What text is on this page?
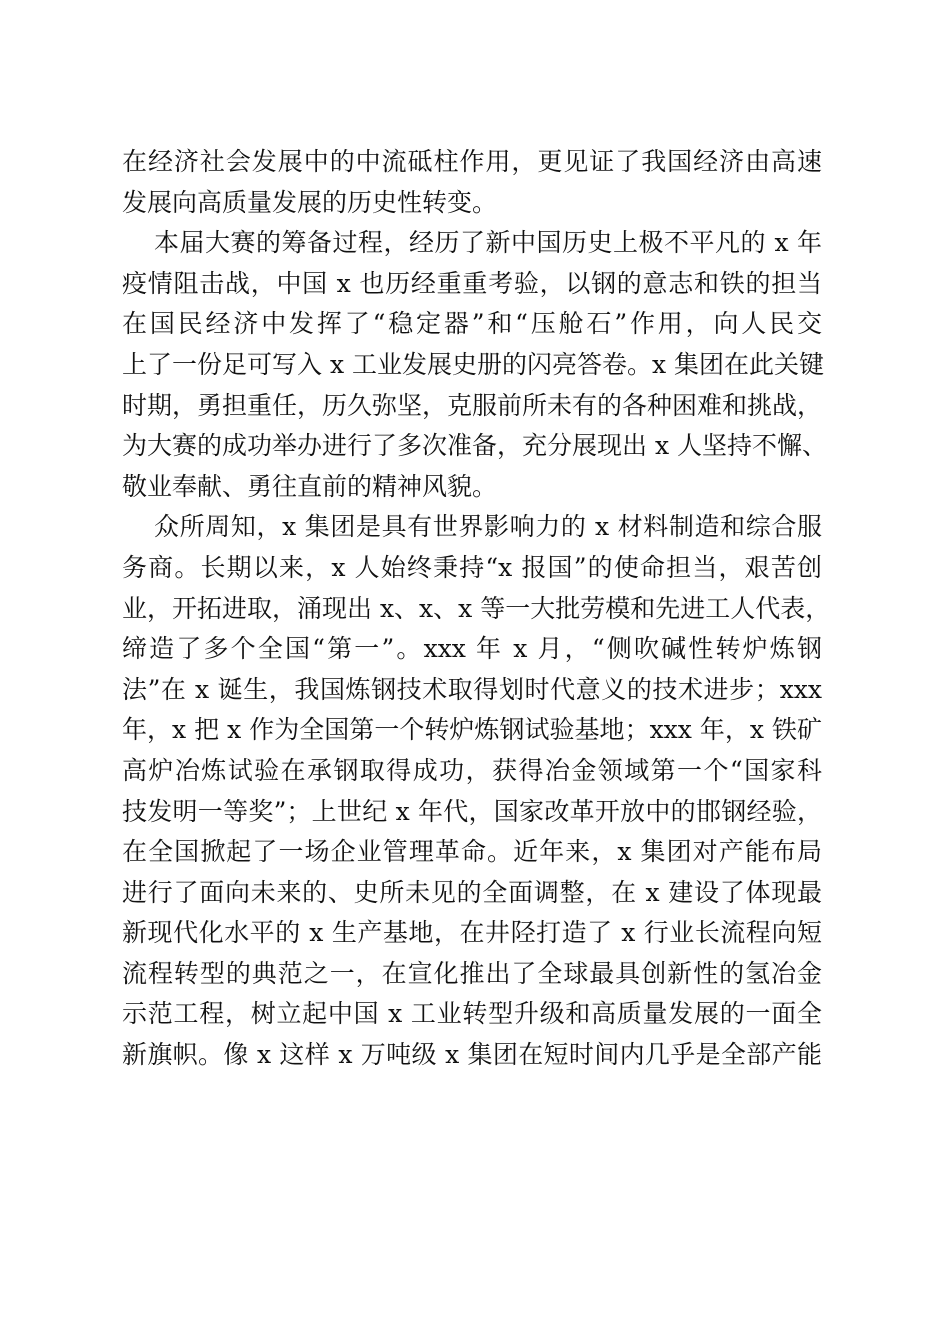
在经济社会发展中的中流砥柱作用，更见证了我国经济由高速
发展向高质量发展的历史性转变。
本届大赛的筹备过程，经历了新中国历史上极不平凡的 x 年
疫情阻击战，中国 x 也历经重重考验，以钢的意志和铁的担当
在国民经济中发挥了“稳定器”和“压舱石”作用，向人民交
上了一份足可写入 x 工业发展史册的闪亮答卷。x 集团在此关键
时期，勇担重任，历久弥坚，克服前所未有的各种困难和挑战，
为大赛的成功举办进行了多次准备，充分展现出 x 人坚持不懈、
敬业奉献、勇往直前的精神风貌。
众所周知，x 集团是具有世界影响力的 x 材料制造和综合服
务商。长期以来，x 人始终秉持“x 报国”的使命担当，艰苦创
业，开拓进取，涌现出 x、x、x 等一大批劳模和先进工人代表，
缔造了多个全国“第一”。xxx 年 x 月，“侧吹碱性转炉炼钢
法”在 x 诞生，我国炼钢技术取得划时代意义的技术进步；xxx
年，x 把 x 作为全国第一个转炉炼钢试验基地；xxx 年，x 铁矿
高炉冶炼试验在承钢取得成功，获得冶金领域第一个“国家科
技发明一等奖”；上世纪 x 年代，国家改革开放中的邯钢经验，
在全国掀起了一场企业管理革命。近年来，x 集团对产能布局
进行了面向未来的、史所未见的全面调整，在 x 建设了体现最
新现代化水平的 x 生产基地，在井陉打造了 x 行业长流程向短
流程转型的典范之一，在宣化推出了全球最具创新性的氢冶金
示范工程，树立起中国 x 工业转型升级和高质量发展的一面全
新旗帜。像 x 这样 x 万吨级 x 集团在短时间内几乎是全部产能
